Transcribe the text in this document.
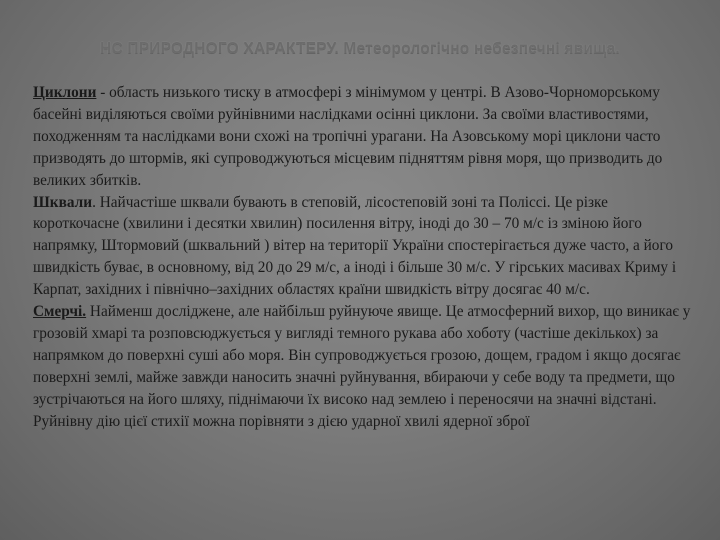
НС ПРИРОДНОГО ХАРАКТЕРУ. Метеорологічно небезпечні явища.
Циклони - область низького тиску в атмосфері з мінімумом у центрі. В Азово-Чорноморському басейні виділяються своїми руйнівними наслідками осінні циклони. За своїми властивостями, походженням та наслідками вони схожі на тропічні урагани. На Азовському морі циклони часто призводять до штормів, які супроводжуються місцевим підняттям рівня моря, що призводить до великих збитків.
Шквали. Найчастіше шквали бувають в степовій, лісостеповій зоні та Поліссі. Це різке короткочасне (хвилини і десятки хвилин) посилення вітру, іноді до 30 – 70 м/с із зміною його напрямку, Штормовий (шквальний ) вітер на території України спостерігається дуже часто, а його швидкість буває, в основному, від 20 до 29 м/с, а іноді і більше 30 м/с. У гірських масивах Криму і Карпат, західних і північно–західних областях країни швидкість вітру досягає 40 м/с.
Смерчі. Найменш досліджене, але найбільш руйнуюче явище. Це атмосферний вихор, що виникає у грозовій хмарі та розповсюджується у вигляді темного рукава або хоботу (частіше декількох) за напрямком до поверхні суші або моря. Він супроводжується грозою, дощем, градом і якщо досягає поверхні землі, майже завжди наносить значні руйнування, вбираючи у себе воду та предмети, що зустрічаються на його шляху, піднімаючи їх високо над землею і переносячи на значні відстані. Руйнівну дію цієї стихії можна порівняти з дією ударної хвилі ядерної зброї
